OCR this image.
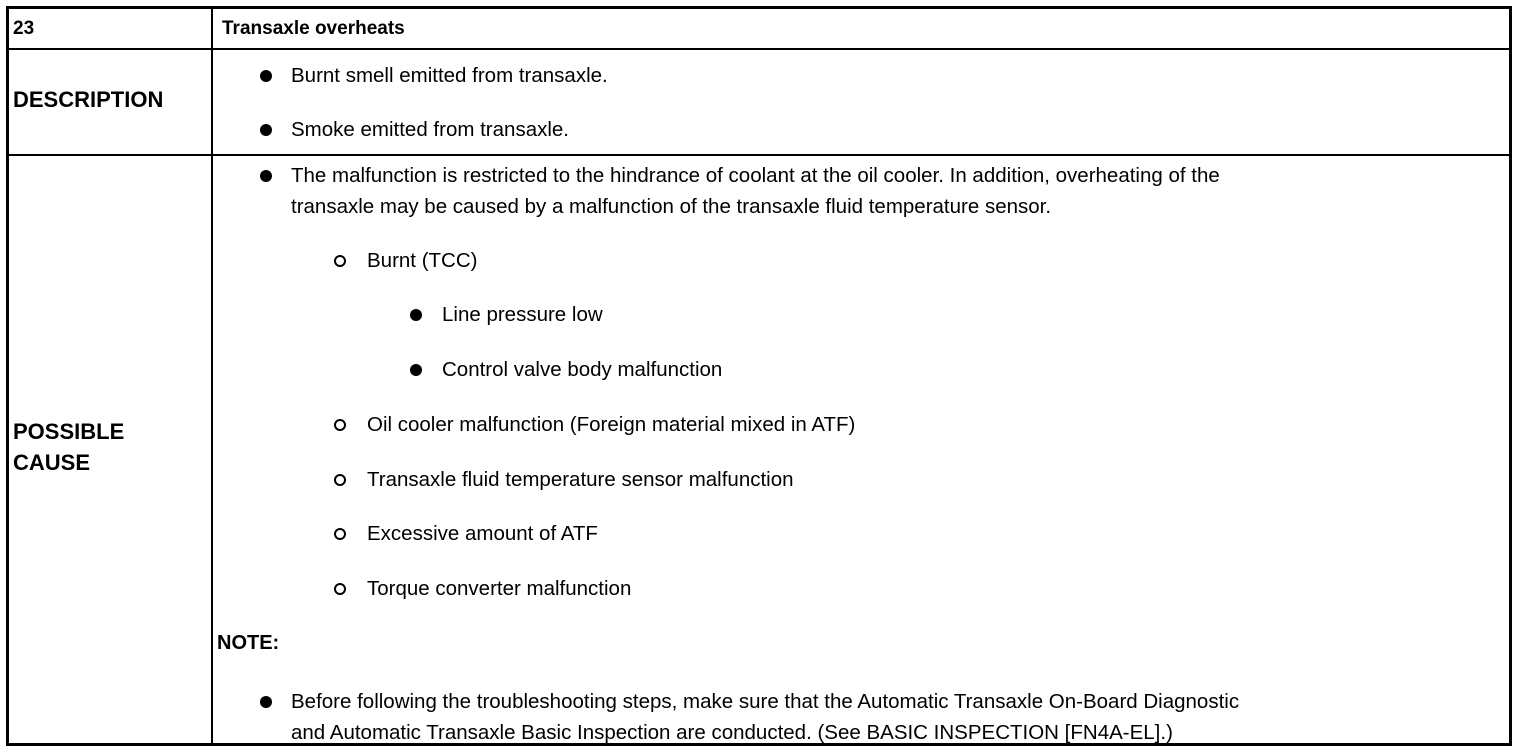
23	Transaxle overheats
DESCRIPTION
Burnt smell emitted from transaxle.
Smoke emitted from transaxle.
POSSIBLE
CAUSE
The malfunction is restricted to the hindrance of coolant at the oil cooler. In addition, overheating of the
transaxle may be caused by a malfunction of the transaxle fluid temperature sensor.
Burnt (TCC)
Line pressure low
Control valve body malfunction
Oil cooler malfunction (Foreign material mixed in ATF)
Transaxle fluid temperature sensor malfunction
Excessive amount of ATF
Torque converter malfunction
NOTE:
Before following the troubleshooting steps, make sure that the Automatic Transaxle On-Board Diagnostic
and Automatic Transaxle Basic Inspection are conducted. (See BASIC INSPECTION [FN4A-EL].)
